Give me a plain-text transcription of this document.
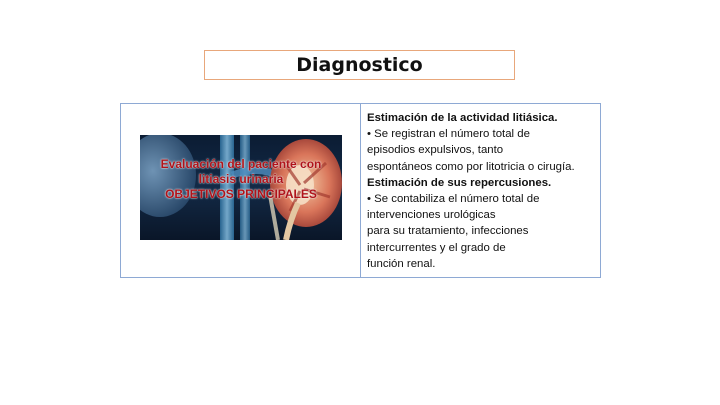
Diagnostico
Evaluación del paciente con
litiasis urinaria
OBJETIVOS PRINCIPALES
Estimación de la actividad litiásica.
• Se registran el número total de
episodios expulsivos, tanto
espontáneos como por litotricia o cirugía.
Estimación de sus repercusiones.
• Se contabiliza el número total de
intervenciones urológicas
para su tratamiento, infecciones
intercurrentes y el grado de
función renal.
